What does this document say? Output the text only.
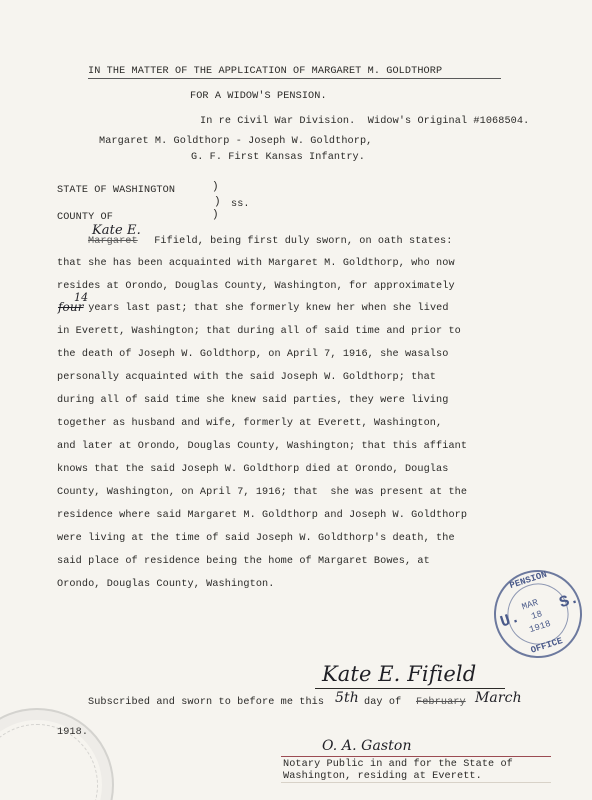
IN THE MATTER OF THE APPLICATION OF MARGARET M. GOLDTHORP
FOR A WIDOW'S PENSION.
In re Civil War Division.  Widow's Original #1068504.
Margaret M. Goldthorp - Joseph W. Goldthorp,
G. F. First Kansas Infantry.
STATE OF WASHINGTON	)
) ss.
COUNTY OF	)
Margaret
Kate E.
Fifield, being first duly sworn, on oath states:
that she has been acquainted with Margaret M. Goldthorp, who now
resides at Orondo, Douglas County, Washington, for approximately
four
14
years last past; that she formerly knew her when she lived
in Everett, Washington; that during all of said time and prior to
the death of Joseph W. Goldthorp, on April 7, 1916, she wasalso
personally acquainted with the said Joseph W. Goldthorp; that
during all of said time she knew said parties, they were living
together as husband and wife, formerly at Everett, Washington,
and later at Orondo, Douglas County, Washington; that this affiant
knows that the said Joseph W. Goldthorp died at Orondo, Douglas
County, Washington, on April 7, 1916; that  she was present at the
residence where said Margaret M. Goldthorp and Joseph W. Goldthorp
were living at the time of said Joseph W. Goldthorp's death, the
said place of residence being the home of Margaret Bowes, at
Orondo, Douglas County, Washington.	PENSION
U.
S.
MAR
18
1918
OFFICE
Kate E. Fifield
Subscribed and sworn to before me this 5th day of February March
1918.
O. A. Gaston
Notary Public in and for the State of
Washington, residing at Everett.
